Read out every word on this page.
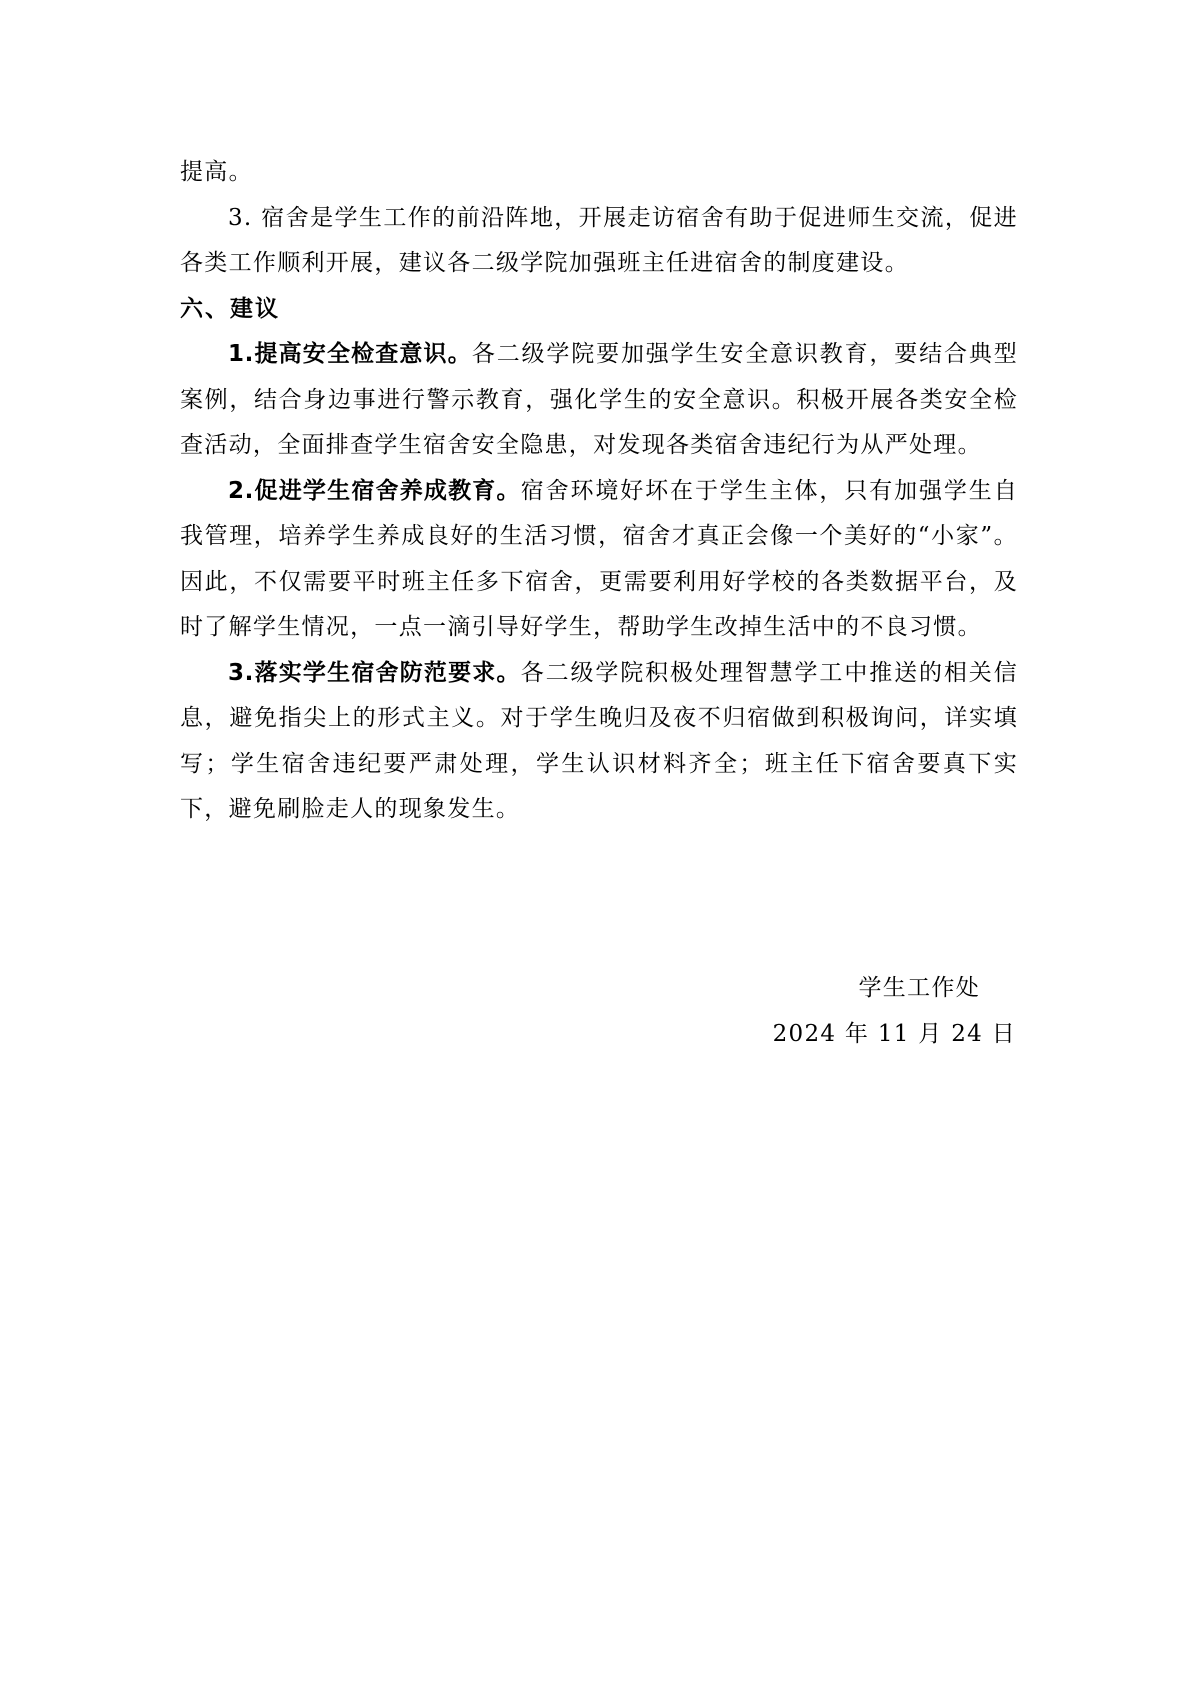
提高。

3. 宿舍是学生工作的前沿阵地，开展走访宿舍有助于促进师生交流，促进各类工作顺利开展，建议各二级学院加强班主任进宿舍的制度建设。

六、建议

1.提高安全检查意识。各二级学院要加强学生安全意识教育，要结合典型案例，结合身边事进行警示教育，强化学生的安全意识。积极开展各类安全检查活动，全面排查学生宿舍安全隐患，对发现各类宿舍违纪行为从严处理。

2.促进学生宿舍养成教育。宿舍环境好坏在于学生主体，只有加强学生自我管理，培养学生养成良好的生活习惯，宿舍才真正会像一个美好的“小家”。因此，不仅需要平时班主任多下宿舍，更需要利用好学校的各类数据平台，及时了解学生情况，一点一滴引导好学生，帮助学生改掉生活中的不良习惯。

3.落实学生宿舍防范要求。各二级学院积极处理智慧学工中推送的相关信息，避免指尖上的形式主义。对于学生晚归及夜不归宿做到积极询问，详实填写；学生宿舍违纪要严肃处理，学生认识材料齐全；班主任下宿舍要真下实下，避免刷脸走人的现象发生。

学生工作处
2024 年 11 月 24 日
